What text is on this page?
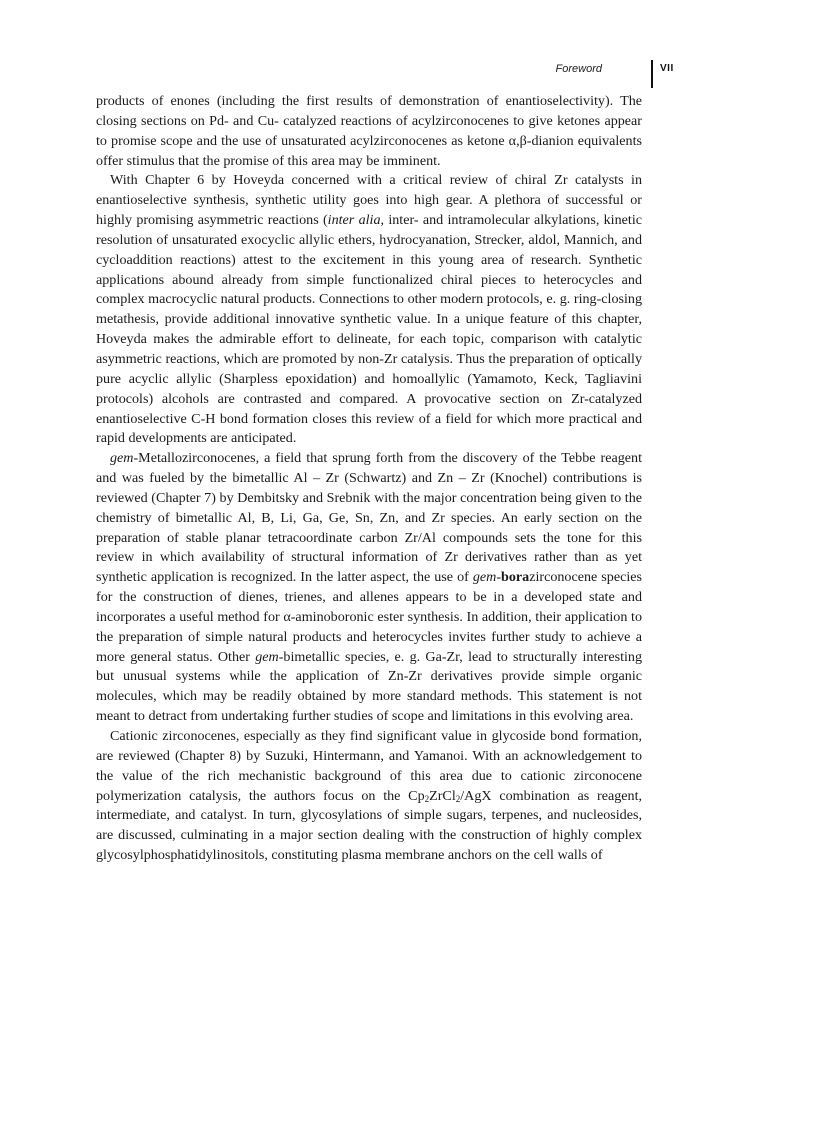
Foreword	VII

products of enones (including the first results of demonstration of enantioselectivity). The closing sections on Pd- and Cu- catalyzed reactions of acylzirconocenes to give ketones appear to promise scope and the use of unsaturated acylzirconocenes as ketone α,β-dianion equivalents offer stimulus that the promise of this area may be imminent.

With Chapter 6 by Hoveyda concerned with a critical review of chiral Zr catalysts in enantioselective synthesis, synthetic utility goes into high gear. A plethora of successful or highly promising asymmetric reactions (inter alia, inter- and intramolecular alkylations, kinetic resolution of unsaturated exocyclic allylic ethers, hydrocyanation, Strecker, aldol, Mannich, and cycloaddition reactions) attest to the excitement in this young area of research. Synthetic applications abound already from simple functionalized chiral pieces to heterocycles and complex macrocyclic natural products. Connections to other modern protocols, e. g. ring-closing metathesis, provide additional innovative synthetic value. In a unique feature of this chapter, Hoveyda makes the admirable effort to delineate, for each topic, comparison with catalytic asymmetric reactions, which are promoted by non-Zr catalysis. Thus the preparation of optically pure acyclic allylic (Sharpless epoxidation) and homoallylic (Yamamoto, Keck, Tagliavini protocols) alcohols are contrasted and compared. A provocative section on Zr-catalyzed enantioselective C-H bond formation closes this review of a field for which more practical and rapid developments are anticipated.

gem-Metallozirconocenes, a field that sprung forth from the discovery of the Tebbe reagent and was fueled by the bimetallic Al – Zr (Schwartz) and Zn – Zr (Knochel) contributions is reviewed (Chapter 7) by Dembitsky and Srebnik with the major concentration being given to the chemistry of bimetallic Al, B, Li, Ga, Ge, Sn, Zn, and Zr species. An early section on the preparation of stable planar tetracoordinate carbon Zr/Al compounds sets the tone for this review in which availability of structural information of Zr derivatives rather than as yet synthetic application is recognized. In the latter aspect, the use of gem-borazirconocene species for the construction of dienes, trienes, and allenes appears to be in a developed state and incorporates a useful method for α-aminoboronic ester synthesis. In addition, their application to the preparation of simple natural products and heterocycles invites further study to achieve a more general status. Other gem-bimetallic species, e. g. Ga-Zr, lead to structurally interesting but unusual systems while the application of Zn-Zr derivatives provide simple organic molecules, which may be readily obtained by more standard methods. This statement is not meant to detract from undertaking further studies of scope and limitations in this evolving area.

Cationic zirconocenes, especially as they find significant value in glycoside bond formation, are reviewed (Chapter 8) by Suzuki, Hintermann, and Yamanoi. With an acknowledgement to the value of the rich mechanistic background of this area due to cationic zirconocene polymerization catalysis, the authors focus on the $Cp_2ZrCl_2$/AgX combination as reagent, intermediate, and catalyst. In turn, glycosylations of simple sugars, terpenes, and nucleosides, are discussed, culminating in a major section dealing with the construction of highly complex glycosylphosphatidylinositols, constituting plasma membrane anchors on the cell walls of
